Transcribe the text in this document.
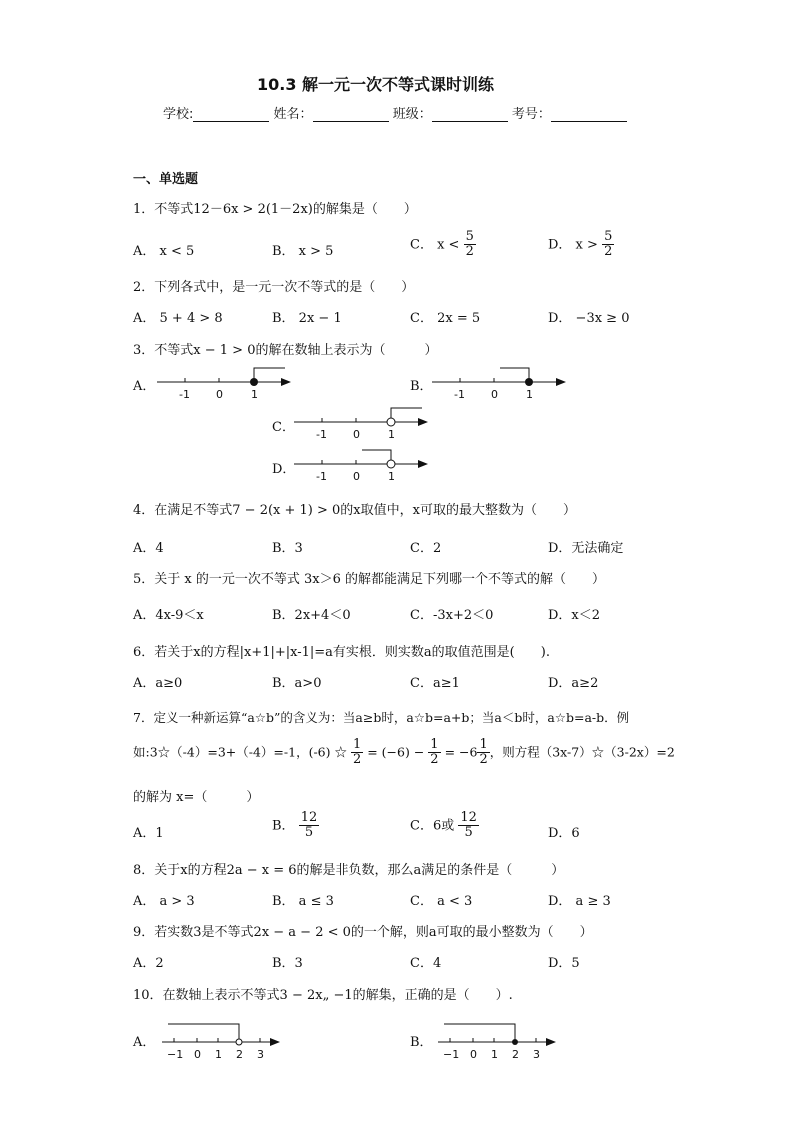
10.3 解一元一次不等式课时训练
学校:	姓名：	班级：	考号：
一、单选题
1．不等式12－6x > 2(1－2x)的解集是（　　）
A． x < 5	B． x > 5	C． $x < \frac{5}{2}$	D． $x > \frac{5}{2}$
2．下列各式中，是一元一次不等式的是（　　）
A． 5 + 4 > 8	B． 2x − 1	C． 2x = 5	D． −3x ≥ 0
3．不等式x − 1 > 0的解在数轴上表示为（　　　）
A．
-1 0	1
B．
-1 0	1
C． -1 0	1
D． -1 0	1
4．在满足不等式7 − 2(x + 1) > 0的x取值中，x可取的最大整数为（　　）
A．4	B．3	C．2	D．无法确定
5．关于 x 的一元一次不等式 3x＞6 的解都能满足下列哪一个不等式的解（　　）
A．4x-9＜x	B．2x+4＜0	C．-3x+2＜0	D．x＜2
6．若关于x的方程|x+1|+|x-1|=a有实根．则实数a的取值范围是(　　).
A．a≥0	B．a>0	C．a≥1	D．a≥2
7．定义一种新运算“a☆b”的含义为：当a≥b时，a☆b=a+b；当a＜b时，a☆b=a-b．例
如:3☆（-4）=3+（-4）=-1，(-6) ☆ $\frac{1}{2} = (-6) - \frac{1}{2} = -6 \frac{1}{2}$ ，则方程（3x-7）☆（3-2x）=2
的解为 x=（　　　）
A．1
B． $\frac{12}{5}$	C．6或 $\frac{12}{5}$	D．6
8．关于x的方程2a − x = 6的解是非负数，那么a满足的条件是（　　　）
A． a > 3	B． a ≤ 3	C． a < 3	D． a ≥ 3
9．若实数3是不等式2x − a − 2 < 0的一个解，则a可取的最小整数为（　　）
A．2	B．3	C．4	D．5
10．在数轴上表示不等式3 − 2x„ −1的解集，正确的是（　　）.
A．
−1 0 1 2 3
B．
−1 0 1 2 3
